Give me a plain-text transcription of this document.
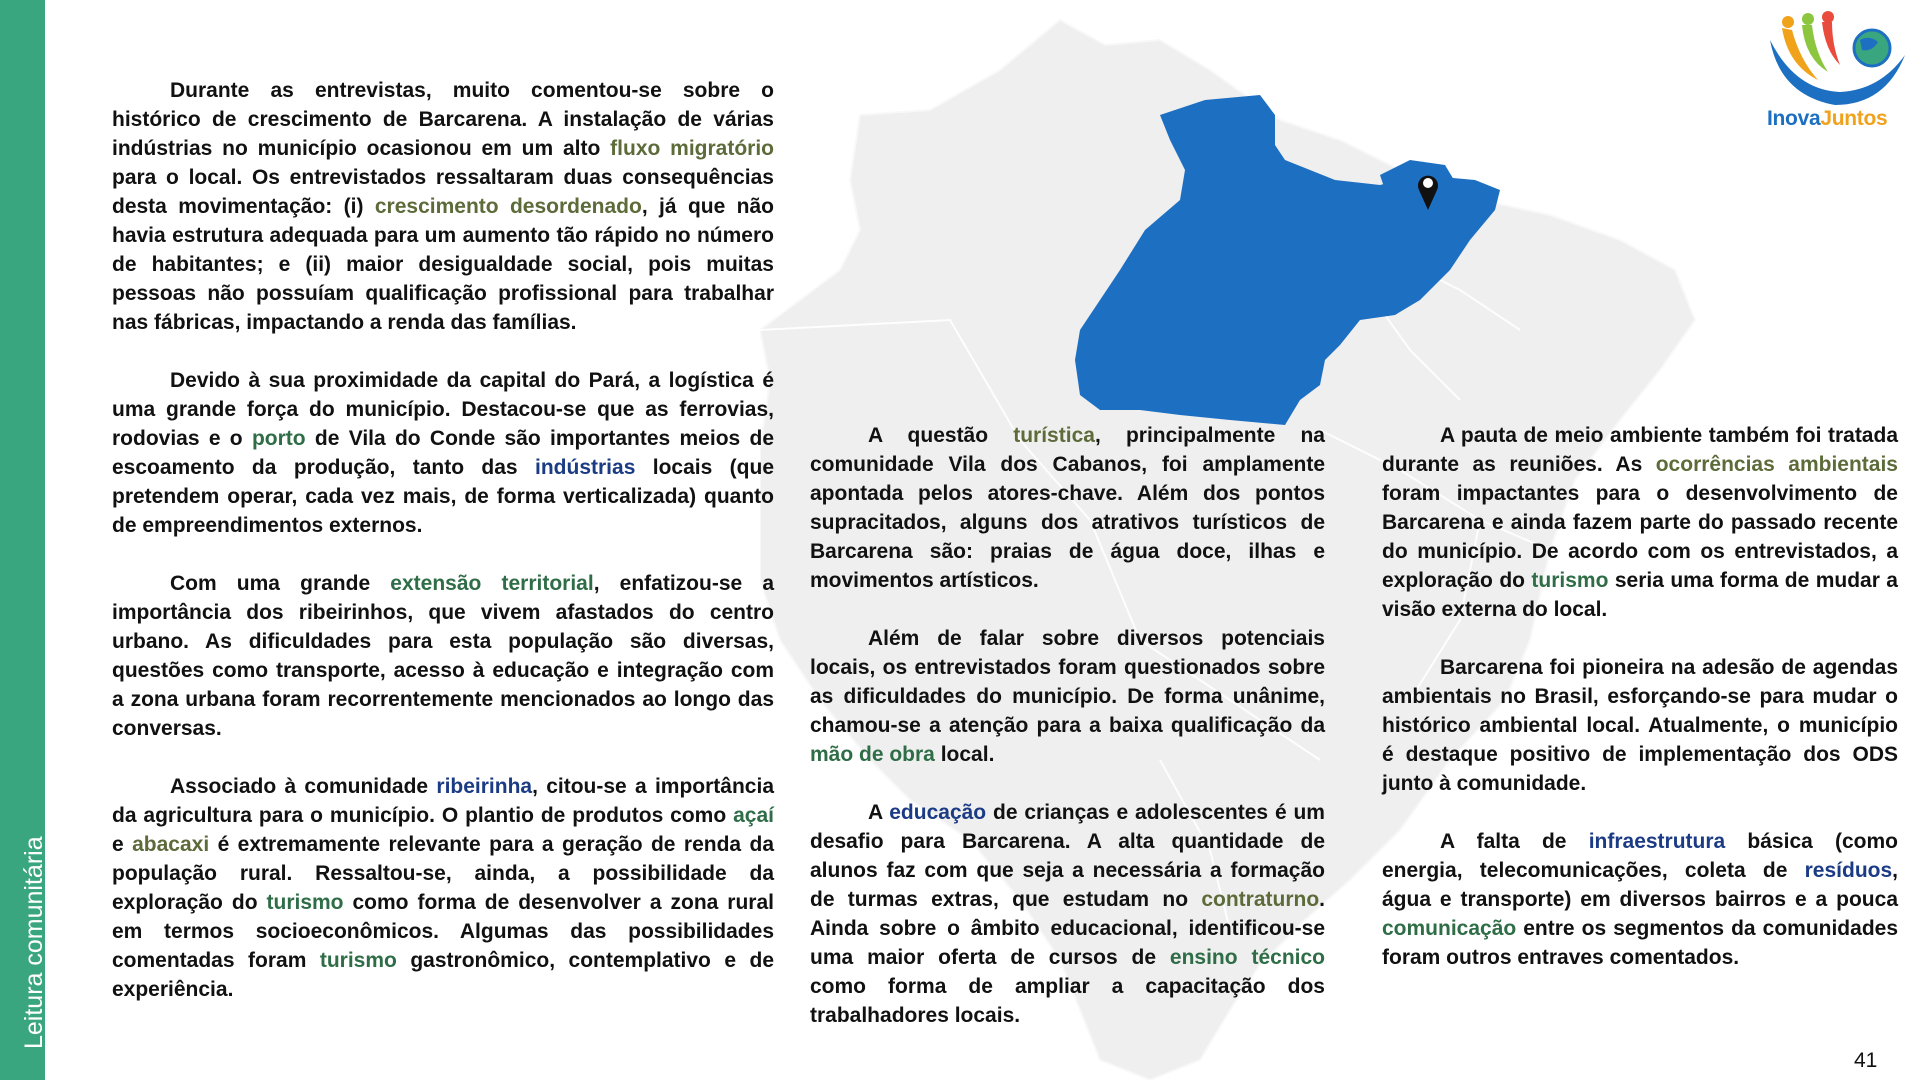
Leitura comunitária
InovaJuntos

Durante as entrevistas, muito comentou-se sobre o histórico de crescimento de Barcarena. A instalação de várias indústrias no município ocasionou em um alto fluxo migratório para o local. Os entrevistados ressaltaram duas consequências desta movimentação: (i) crescimento desordenado, já que não havia estrutura adequada para um aumento tão rápido no número de habitantes; e (ii) maior desigualdade social, pois muitas pessoas não possuíam qualificação profissional para trabalhar nas fábricas, impactando a renda das famílias.

Devido à sua proximidade da capital do Pará, a logística é uma grande força do município. Destacou-se que as ferrovias, rodovias e o porto de Vila do Conde são importantes meios de escoamento da produção, tanto das indústrias locais (que pretendem operar, cada vez mais, de forma verticalizada) quanto de empreendimentos externos.

Com uma grande extensão territorial, enfatizou-se a importância dos ribeirinhos, que vivem afastados do centro urbano. As dificuldades para esta população são diversas, questões como transporte, acesso à educação e integração com a zona urbana foram recorrentemente mencionados ao longo das conversas.

Associado à comunidade ribeirinha, citou-se a importância da agricultura para o município. O plantio de produtos como açaí e abacaxi é extremamente relevante para a geração de renda da população rural. Ressaltou-se, ainda, a possibilidade da exploração do turismo como forma de desenvolver a zona rural em termos socioeconômicos. Algumas das possibilidades comentadas foram turismo gastronômico, contemplativo e de experiência.

A questão turística, principalmente na comunidade Vila dos Cabanos, foi amplamente apontada pelos atores-chave. Além dos pontos supracitados, alguns dos atrativos turísticos de Barcarena são: praias de água doce, ilhas e movimentos artísticos.

Além de falar sobre diversos potenciais locais, os entrevistados foram questionados sobre as dificuldades do município. De forma unânime, chamou-se a atenção para a baixa qualificação da mão de obra local.

A educação de crianças e adolescentes é um desafio para Barcarena. A alta quantidade de alunos faz com que seja a necessária a formação de turmas extras, que estudam no contraturno. Ainda sobre o âmbito educacional, identificou-se uma maior oferta de cursos de ensino técnico como forma de ampliar a capacitação dos trabalhadores locais.

A pauta de meio ambiente também foi tratada durante as reuniões. As ocorrências ambientais foram impactantes para o desenvolvimento de Barcarena e ainda fazem parte do passado recente do município. De acordo com os entrevistados, a exploração do turismo seria uma forma de mudar a visão externa do local.

Barcarena foi pioneira na adesão de agendas ambientais no Brasil, esforçando-se para mudar o histórico ambiental local. Atualmente, o município é destaque positivo de implementação dos ODS junto à comunidade.

A falta de infraestrutura básica (como energia, telecomunicações, coleta de resíduos, água e transporte) em diversos bairros e a pouca comunicação entre os segmentos da comunidades foram outros entraves comentados.

41
